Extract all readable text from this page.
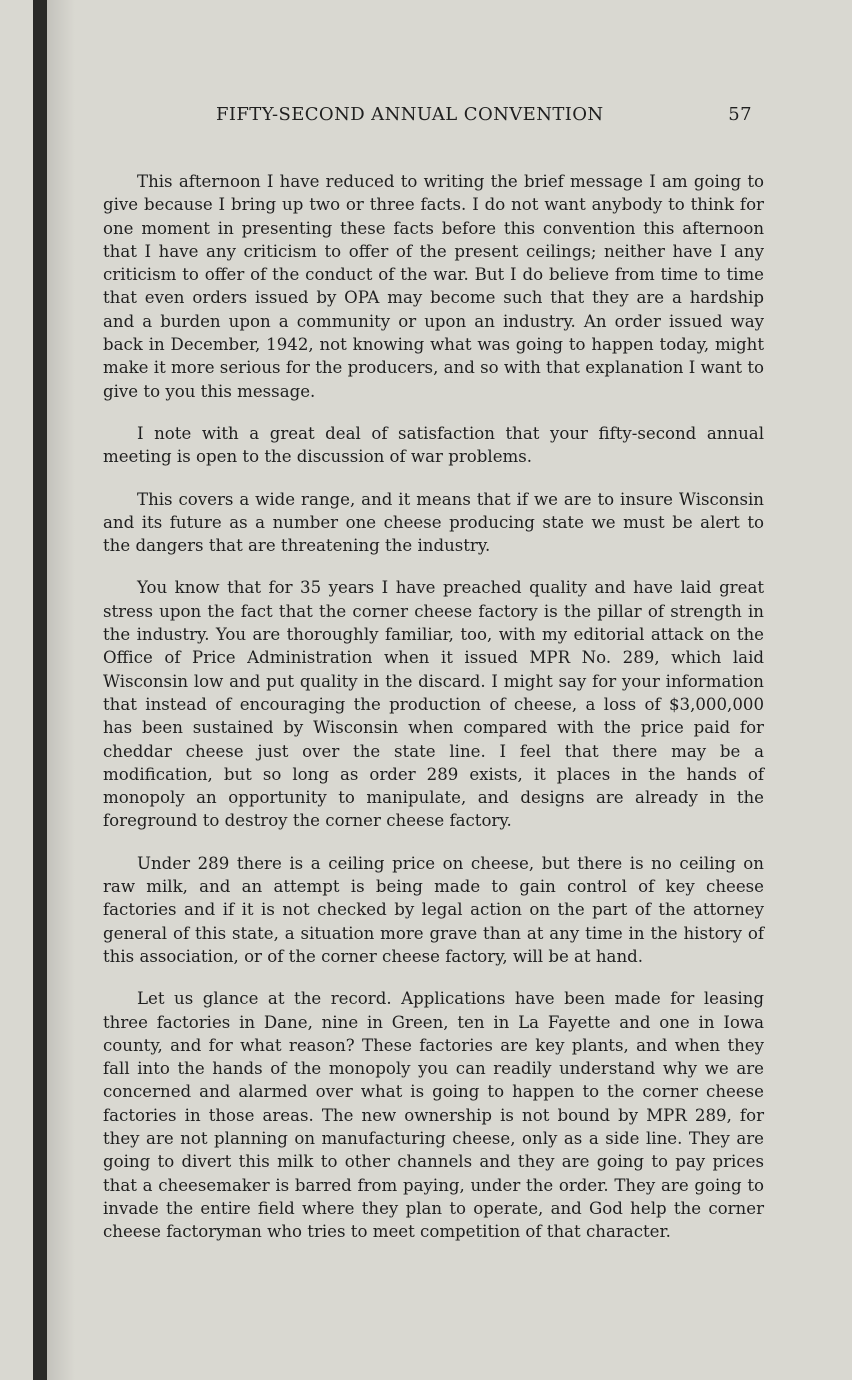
FIFTY-SECOND ANNUAL CONVENTION	57

This afternoon I have reduced to writing the brief message I am going to give because I bring up two or three facts. I do not want anybody to think for one moment in presenting these facts before this convention this afternoon that I have any criticism to offer of the present ceilings; neither have I any criticism to offer of the conduct of the war. But I do believe from time to time that even orders issued by OPA may become such that they are a hardship and a burden upon a community or upon an industry. An order issued way back in December, 1942, not knowing what was going to happen today, might make it more serious for the producers, and so with that explanation I want to give to you this message.

I note with a great deal of satisfaction that your fifty-second annual meeting is open to the discussion of war problems.

This covers a wide range, and it means that if we are to insure Wisconsin and its future as a number one cheese producing state we must be alert to the dangers that are threatening the industry.

You know that for 35 years I have preached quality and have laid great stress upon the fact that the corner cheese factory is the pillar of strength in the industry. You are thoroughly familiar, too, with my editorial attack on the Office of Price Administration when it issued MPR No. 289, which laid Wisconsin low and put quality in the discard. I might say for your information that instead of encouraging the production of cheese, a loss of $3,000,000 has been sustained by Wisconsin when compared with the price paid for cheddar cheese just over the state line. I feel that there may be a modification, but so long as order 289 exists, it places in the hands of monopoly an opportunity to manipulate, and designs are already in the foreground to destroy the corner cheese factory.

Under 289 there is a ceiling price on cheese, but there is no ceiling on raw milk, and an attempt is being made to gain control of key cheese factories and if it is not checked by legal action on the part of the attorney general of this state, a situation more grave than at any time in the history of this association, or of the corner cheese factory, will be at hand.

Let us glance at the record. Applications have been made for leasing three factories in Dane, nine in Green, ten in La Fayette and one in Iowa county, and for what reason? These factories are key plants, and when they fall into the hands of the monopoly you can readily understand why we are concerned and alarmed over what is going to happen to the corner cheese factories in those areas. The new ownership is not bound by MPR 289, for they are not planning on manufacturing cheese, only as a side line. They are going to divert this milk to other channels and they are going to pay prices that a cheesemaker is barred from paying, under the order. They are going to invade the entire field where they plan to operate, and God help the corner cheese factoryman who tries to meet competition of that character.
